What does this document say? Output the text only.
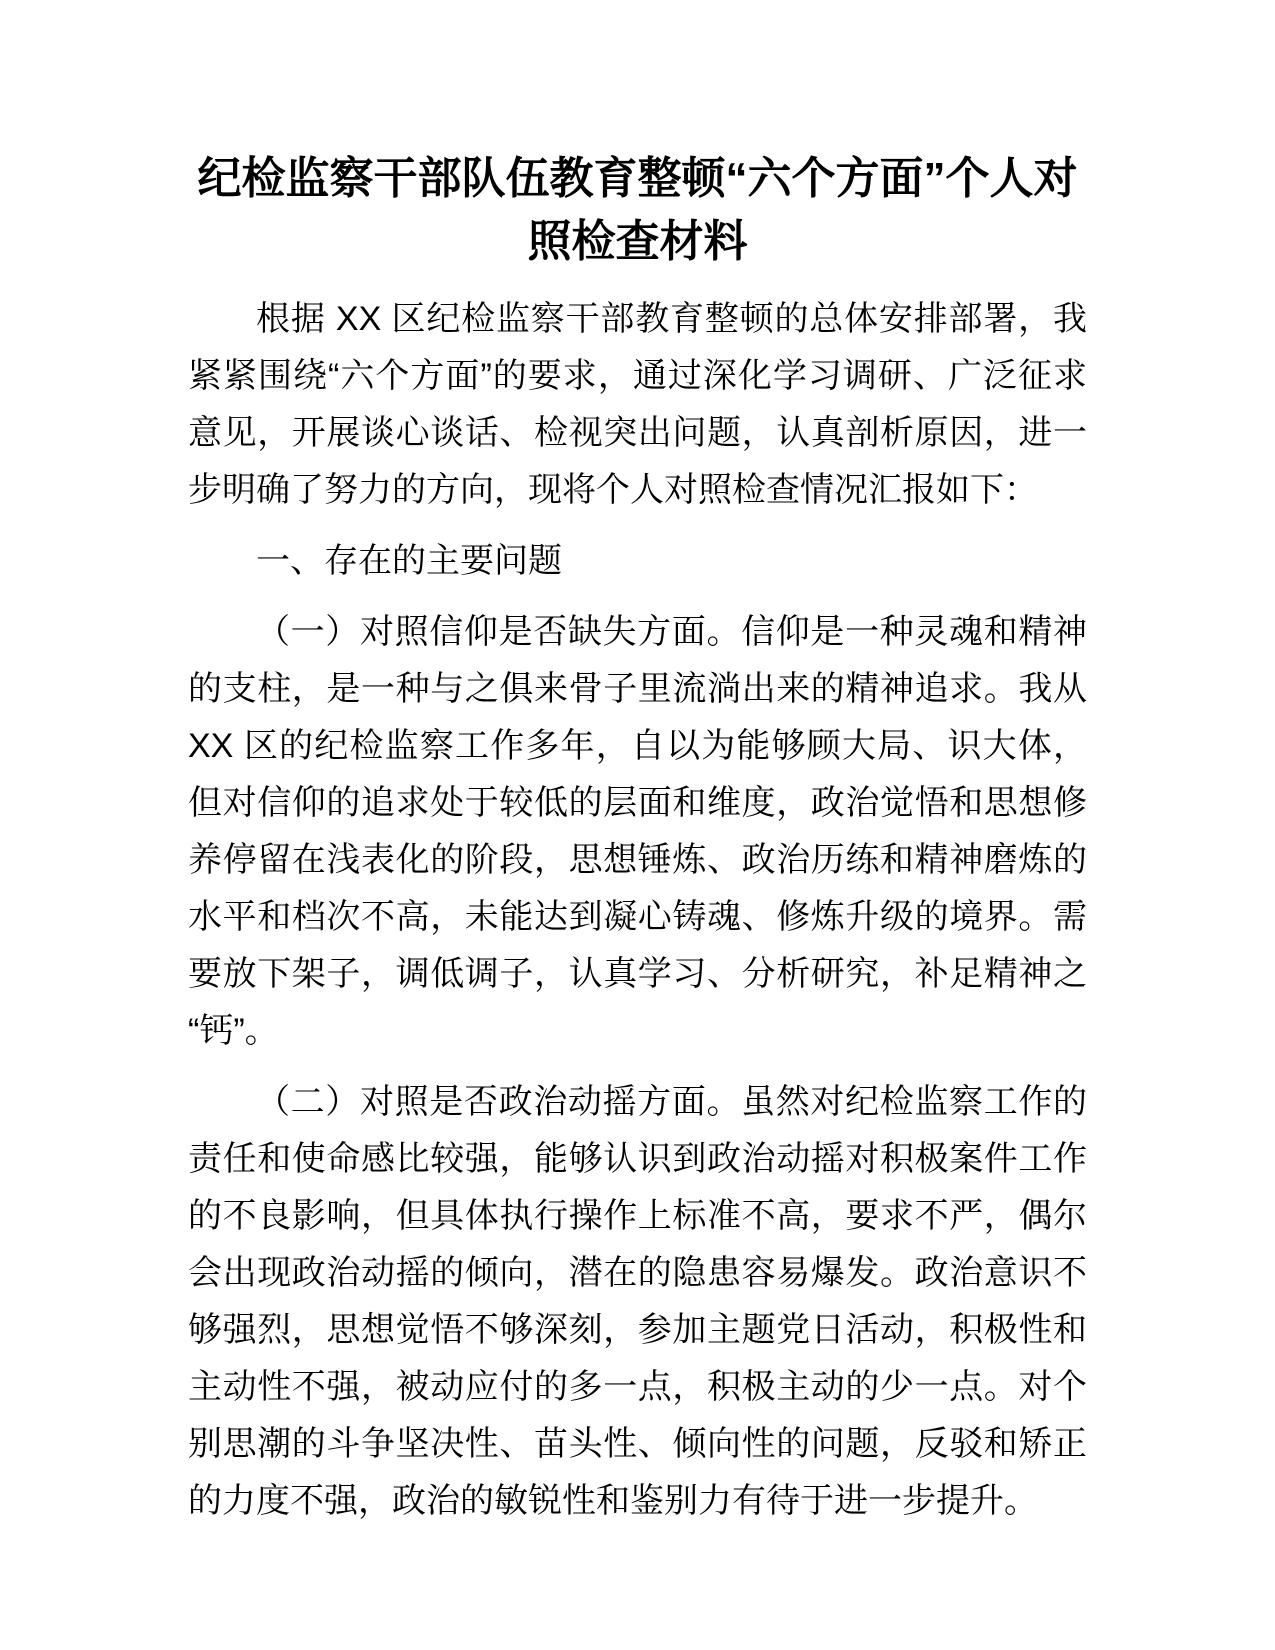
纪检监察干部队伍教育整顿“六个方面”个人对照检查材料

根据 XX 区纪检监察干部教育整顿的总体安排部署，我紧紧围绕“六个方面”的要求，通过深化学习调研、广泛征求意见，开展谈心谈话、检视突出问题，认真剖析原因，进一步明确了努力的方向，现将个人对照检查情况汇报如下：

一、存在的主要问题

（一）对照信仰是否缺失方面。信仰是一种灵魂和精神的支柱，是一种与之俱来骨子里流淌出来的精神追求。我从 XX 区的纪检监察工作多年，自以为能够顾大局、识大体，但对信仰的追求处于较低的层面和维度，政治觉悟和思想修养停留在浅表化的阶段，思想锤炼、政治历练和精神磨炼的水平和档次不高，未能达到凝心铸魂、修炼升级的境界。需要放下架子，调低调子，认真学习、分析研究，补足精神之“钙”。

（二）对照是否政治动摇方面。虽然对纪检监察工作的责任和使命感比较强，能够认识到政治动摇对积极案件工作的不良影响，但具体执行操作上标准不高，要求不严，偶尔会出现政治动摇的倾向，潜在的隐患容易爆发。政治意识不够强烈，思想觉悟不够深刻，参加主题党日活动，积极性和主动性不强，被动应付的多一点，积极主动的少一点。对个别思潮的斗争坚决性、苗头性、倾向性的问题，反驳和矫正的力度不强，政治的敏锐性和鉴别力有待于进一步提升。
